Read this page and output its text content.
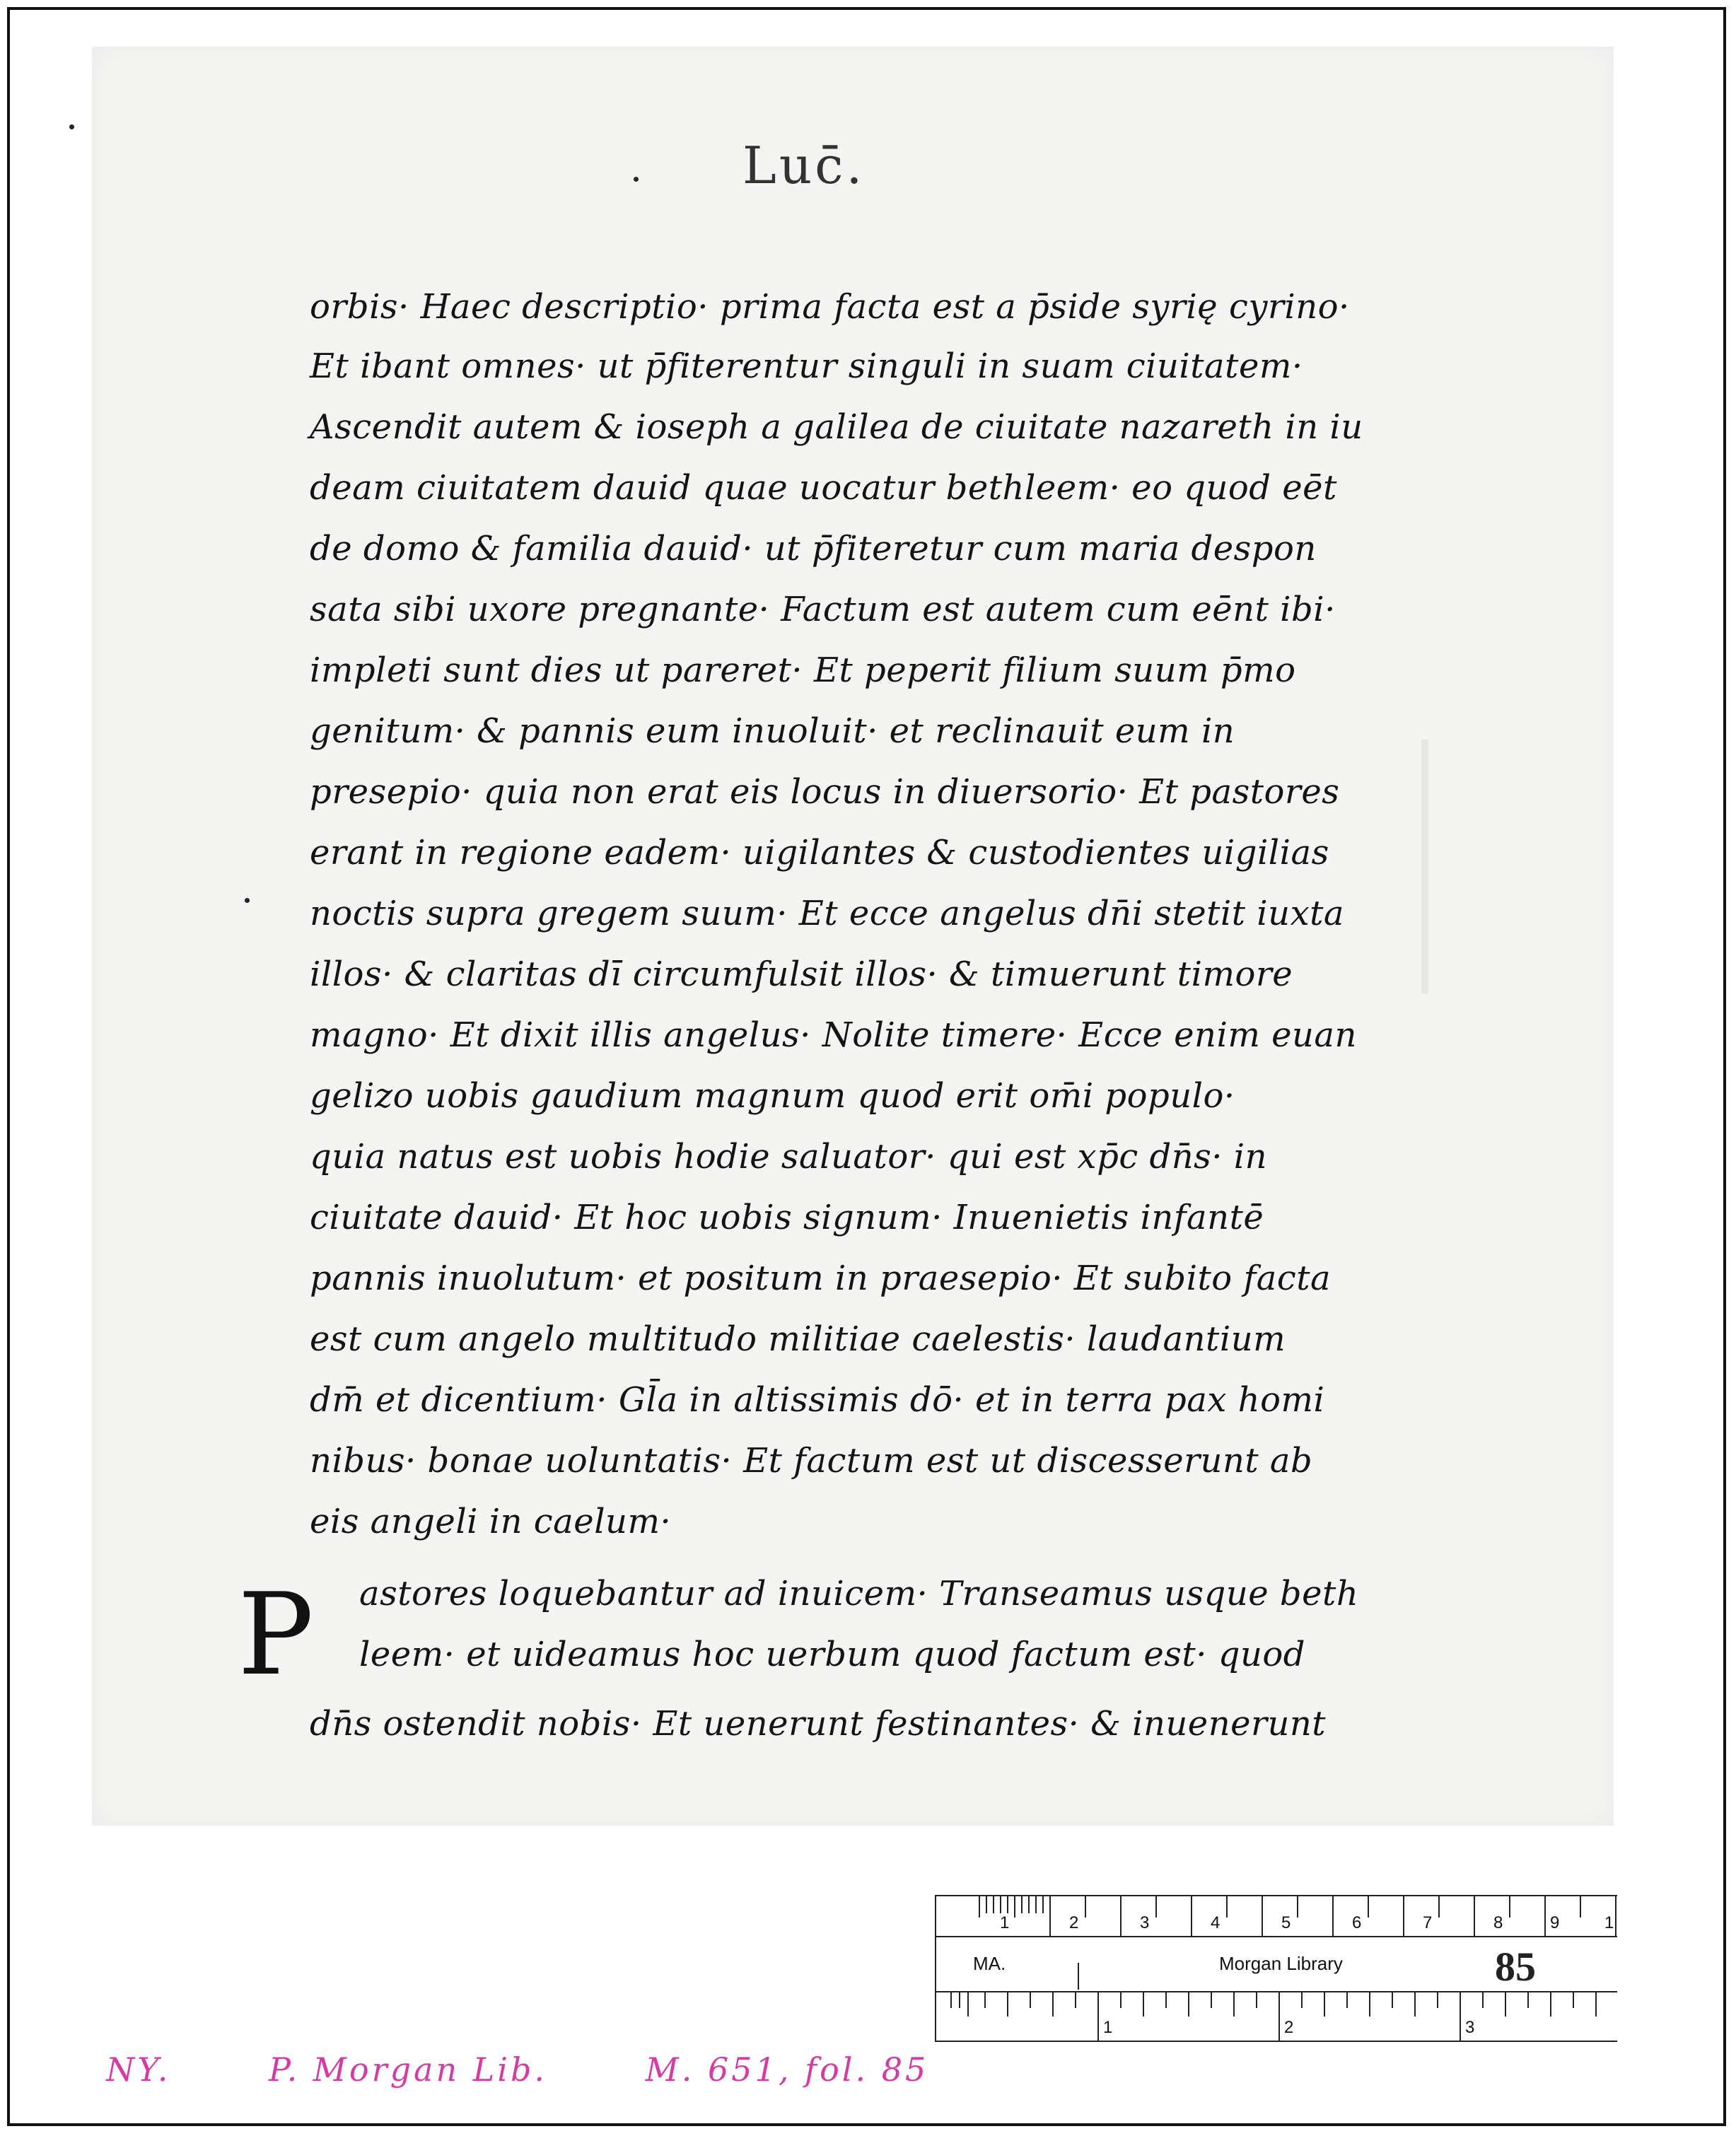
Luc̄.
P
orbis· Haec descriptio· prima facta est a p̄side syrię cyrino·
Et ibant omnes· ut p̄fiterentur singuli in suam ciuitatem·
Ascendit autem & ioseph a galilea de ciuitate nazareth in iu
deam ciuitatem dauid quae uocatur bethleem· eo quod eēt
de domo & familia dauid· ut p̄fiteretur cum maria despon
sata sibi uxore pregnante· Factum est autem cum eēnt ibi·
impleti sunt dies ut pareret· Et peperit filium suum p̄mo
genitum· & pannis eum inuoluit· et reclinauit eum in
presepio· quia non erat eis locus in diuersorio· Et pastores
erant in regione eadem· uigilantes & custodientes uigilias
noctis supra gregem suum· Et ecce angelus dn̄i stetit iuxta
illos· & claritas dī circumfulsit illos· & timuerunt timore
magno· Et dixit illis angelus· Nolite timere· Ecce enim euan
gelizo uobis gaudium magnum quod erit om̄i populo·
quia natus est uobis hodie saluator· qui est xp̄c dn̄s· in
ciuitate dauid· Et hoc uobis signum· Inuenietis infantē
pannis inuolutum· et positum in praesepio· Et subito facta
est cum angelo multitudo militiae caelestis· laudantium
dm̄ et dicentium· Gl̄a in altissimis dō· et in terra pax homi
nibus· bonae uoluntatis· Et factum est ut discesserunt ab
eis angeli in caelum·
astores loquebantur ad inuicem· Transeamus usque beth
leem· et uideamus hoc uerbum quod factum est· quod
dn̄s ostendit nobis· Et uenerunt festinantes· & inuenerunt
1	2	3	4	5	6	7	8	9	1
MA.	Morgan Library	85
1	2	3
NY.	P. Morgan Lib.	M. 651, fol. 85
